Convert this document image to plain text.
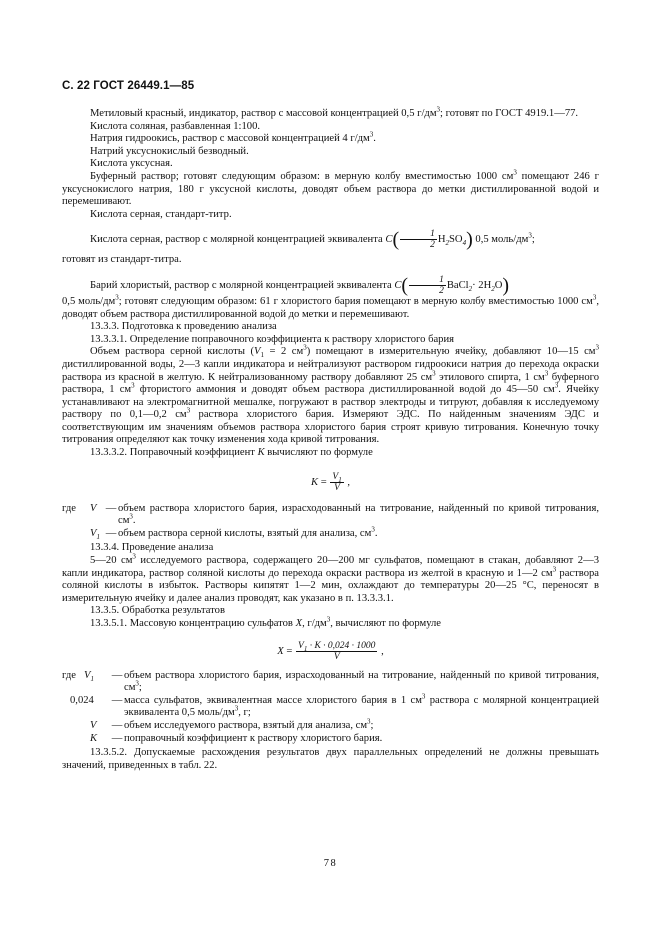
С. 22 ГОСТ 26449.1—85

Метиловый красный, индикатор, раствор с массовой концентрацией 0,5 $г/дм^3$; готовят по ГОСТ 4919.1—77.

Кислота соляная, разбавленная 1:100.

Натрия гидроокись, раствор с массовой концентрацией 4 $г/дм^3$.

Натрий уксуснокислый безводный.

Кислота уксусная.

Буферный раствор; готовят следующим образом: в мерную колбу вместимостью 1000 $см^3$ помещают 246 г уксуснокислого натрия, 180 г уксусной кислоты, доводят объем раствора до метки дистиллированной водой и перемешивают.

Кислота серная, стандарт-титр.

Кислота серная, раствор с молярной концентрацией эквивалента $C( \frac{1}{2} H_2SO_4)$ 0,5 моль/$дм^3$;

готовят из стандарт-титра.

Барий хлористый, раствор с молярной концентрацией эквивалента $C( \frac{1}{2}$ BaCl$_2$· $2H_2O$)

0,5 моль/$дм^3$; готовят следующим образом: 61 г хлористого бария помещают в мерную колбу вместимостью 1000 $см^3$, доводят объем раствора дистиллированной водой до метки и перемешивают.

13.3.3. Подготовка к проведению анализа

13.3.3.1. Определение поправочного коэффициента к раствору хлористого бария

Объем раствора серной кислоты ($V_1 = 2$ $см^3$) помещают в измерительную ячейку, добавляют 10—15 $см^3$ дистиллированной воды, 2—3 капли индикатора и нейтрализуют раствором гидроокиси натрия до перехода окраски раствора из красной в желтую. К нейтрализованному раствору добавляют 25 $см^3$ этилового спирта, 1 $см^3$ буферного раствора, 1 $см^3$ фтористого аммония и доводят объем раствора дистиллированной водой до 45—50 $см^3$. Ячейку устанавливают на электромагнитной мешалке, погружают в раствор электроды и титруют, добавляя к исследуемому раствору по 0,1—0,2 $см^3$ раствора хлористого бария. Измеряют ЭДС. По найденным значениям ЭДС и соответствующим им значениям объемов раствора хлористого бария строят кривую титрования. Конечную точку титрования определяют как точку изменения хода кривой титрования.

13.3.3.2. Поправочный коэффициент K вычисляют по формуле

$K = \frac{V_1}{V}$ ,
где	V — объем раствора хлористого бария, израсходованный на титрование, найденный по кривой титрования, $см^3$.
$V_1$ — объем раствора серной кислоты, взятый для анализа, $см^3$.

13.3.4. Проведение анализа

5—20 $см^3$ исследуемого раствора, содержащего 20—200 мг сульфатов, помещают в стакан, добавляют 2—3 капли индикатора, раствор соляной кислоты до перехода окраски раствора из желтой в красную и 1—2 $см^3$ раствора соляной кислоты в избыток. Растворы кипятят 1—2 мин, охлаждают до температуры 20—25 °С, переносят в измерительную ячейку и далее анализ проводят, как указано в п. 13.3.3.1.

13.3.5. Обработка результатов

13.3.5.1. Массовую концентрацию сульфатов X, $г/дм^3$, вычисляют по формуле

$X = \frac{V_1 \cdot K \cdot 0,024 \cdot 1000}{V}$ ,
где $V_1$	— объем раствора хлористого бария, израсходованный на титрование, найденный по кривой титрования, $см^3$;
0,024	— масса сульфатов, эквивалентная массе хлористого бария в 1 $см^3$ раствора с молярной концентрацией эквивалента 0,5 моль/$дм^3$, г;
V	— объем исследуемого раствора, взятый для анализа, $см^3$;
K	— поправочный коэффициент к раствору хлористого бария.

13.3.5.2. Допускаемые расхождения результатов двух параллельных определений не должны превышать значений, приведенных в табл. 22.

78
